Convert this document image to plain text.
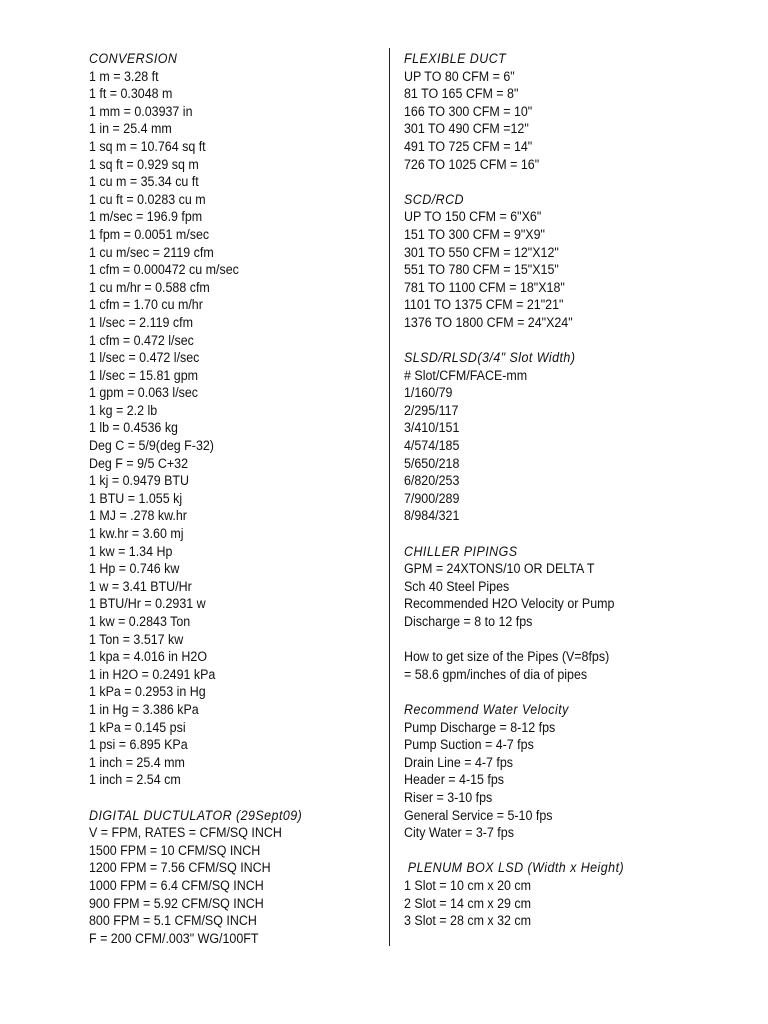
CONVERSION
1 m = 3.28 ft
1 ft = 0.3048 m
1 mm = 0.03937 in
1 in = 25.4 mm
1 sq m = 10.764 sq ft
1 sq ft = 0.929 sq m
1 cu m = 35.34 cu ft
1 cu ft = 0.0283 cu m
1 m/sec = 196.9 fpm
1 fpm = 0.0051 m/sec
1 cu m/sec = 2119 cfm
1 cfm = 0.000472 cu m/sec
1 cu m/hr = 0.588 cfm
1 cfm = 1.70 cu m/hr
1 l/sec = 2.119 cfm
1 cfm = 0.472 l/sec
1 l/sec = 0.472 l/sec
1 l/sec = 15.81 gpm
1 gpm = 0.063 l/sec
1 kg = 2.2 lb
1 lb = 0.4536 kg
Deg C = 5/9(deg F-32)
Deg F = 9/5 C+32
1 kj = 0.9479 BTU
1 BTU = 1.055 kj
1 MJ = .278 kw.hr
1 kw.hr = 3.60 mj
1 kw = 1.34 Hp
1 Hp = 0.746 kw
1 w = 3.41 BTU/Hr
1 BTU/Hr = 0.2931 w
1 kw = 0.2843 Ton
1 Ton = 3.517 kw
1 kpa = 4.016 in H2O
1 in H2O = 0.2491 kPa
1 kPa = 0.2953 in Hg
1 in Hg = 3.386 kPa
1 kPa = 0.145 psi
1 psi = 6.895 KPa
1 inch = 25.4 mm
1 inch = 2.54 cm
DIGITAL DUCTULATOR (29Sept09)
V = FPM, RATES = CFM/SQ INCH
1500 FPM = 10 CFM/SQ INCH
1200 FPM = 7.56 CFM/SQ INCH
1000 FPM = 6.4 CFM/SQ INCH
900 FPM = 5.92 CFM/SQ INCH
800 FPM = 5.1 CFM/SQ INCH
F = 200 CFM/.003" WG/100FT
FLEXIBLE DUCT
UP TO 80 CFM = 6"
81 TO 165 CFM = 8"
166 TO 300 CFM = 10"
301 TO 490 CFM =12"
491 TO 725 CFM = 14"
726 TO 1025 CFM = 16"
SCD/RCD
UP TO 150 CFM = 6"X6"
151 TO 300 CFM = 9"X9"
301 TO 550 CFM = 12"X12"
551 TO 780 CFM = 15"X15"
781 TO 1100 CFM = 18"X18"
1101 TO 1375 CFM = 21"21"
1376 TO 1800 CFM = 24"X24"
SLSD/RLSD(3/4" Slot Width)
# Slot/CFM/FACE-mm
1/160/79
2/295/117
3/410/151
4/574/185
5/650/218
6/820/253
7/900/289
8/984/321
CHILLER PIPINGS
GPM = 24XTONS/10 OR DELTA T
Sch 40 Steel Pipes
Recommended H2O Velocity or Pump
Discharge = 8 to 12 fps
How to get size of the Pipes (V=8fps)
= 58.6 gpm/inches of dia of pipes
Recommend Water Velocity
Pump Discharge = 8-12 fps
Pump Suction = 4-7 fps
Drain Line = 4-7 fps
Header = 4-15 fps
Riser = 3-10 fps
General Service = 5-10 fps
City Water = 3-7 fps
PLENUM BOX LSD (Width x Height)
1 Slot = 10 cm x 20 cm
2 Slot = 14 cm x 29 cm
3 Slot = 28 cm x 32 cm
